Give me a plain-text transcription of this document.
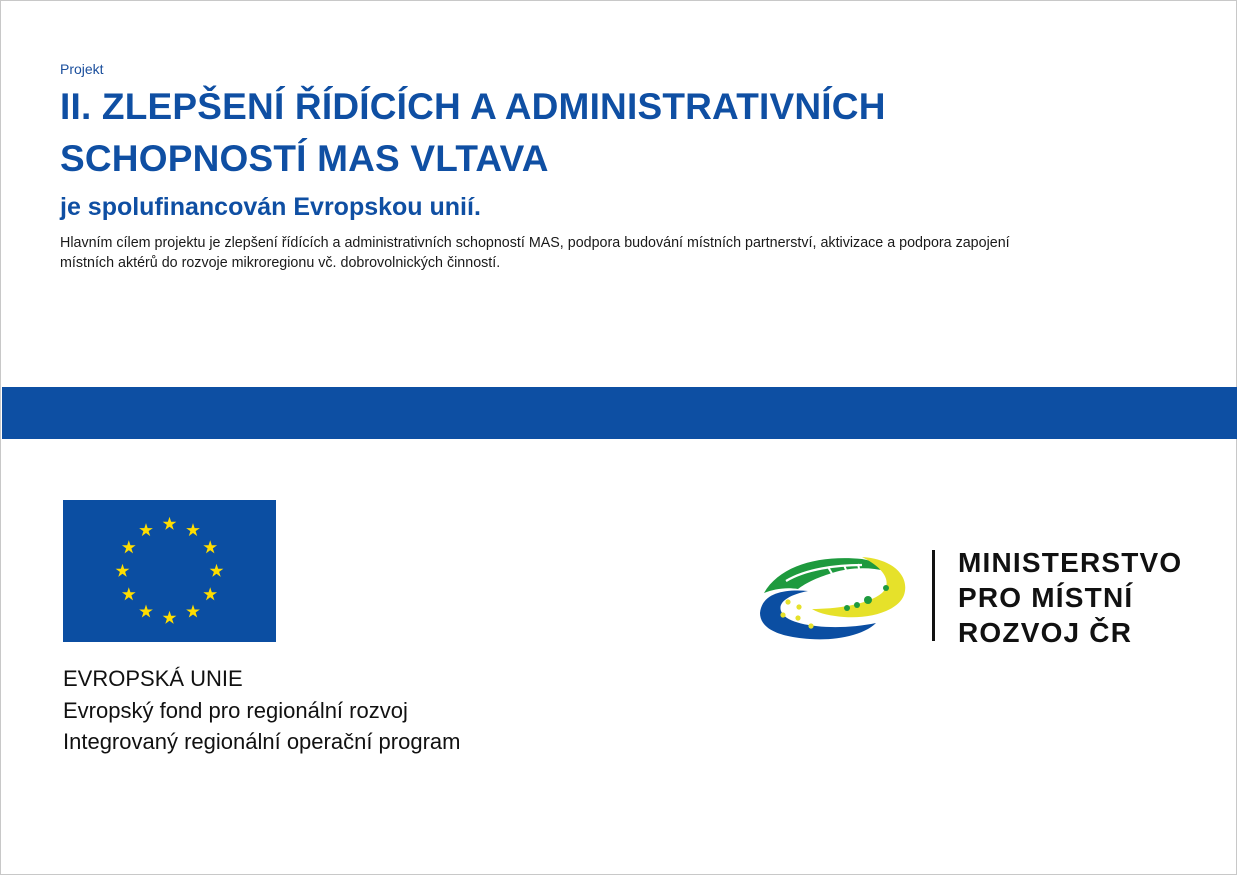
Projekt
II. ZLEPŠENÍ ŘÍDÍCÍCH A ADMINISTRATIVNÍCH
SCHOPNOSTÍ MAS VLTAVA
je spolufinancován Evropskou unií.
Hlavním cílem projektu je zlepšení řídících a administrativních schopností MAS, podpora budování místních partnerství, aktivizace a podpora zapojení
místních aktérů do rozvoje mikroregionu vč. dobrovolnických činností.
EVROPSKÁ UNIE
Evropský fond pro regionální rozvoj
Integrovaný regionální operační program
MINISTERSTVO
PRO MÍSTNÍ
ROZVOJ ČR
